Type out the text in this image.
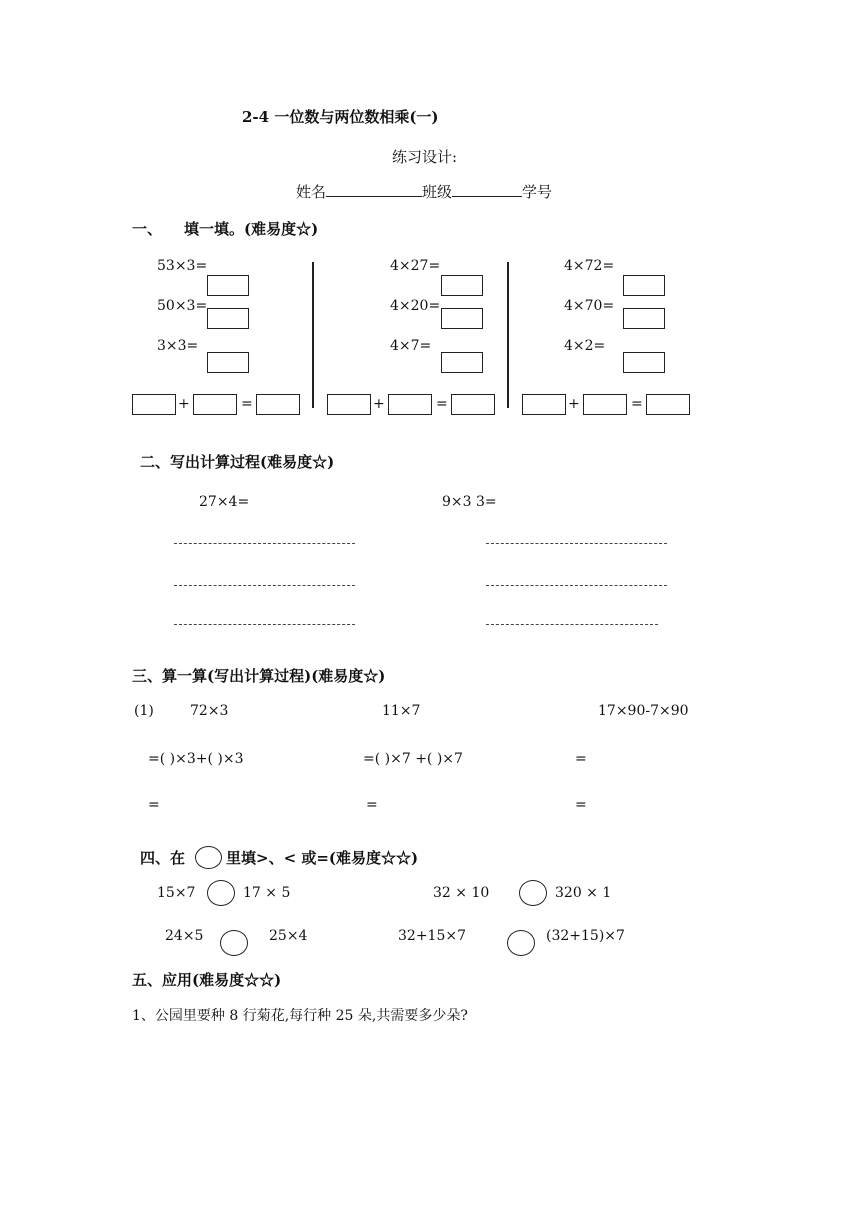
2-4 一位数与两位数相乘(一)
练习设计:
姓名	班级	学号
一、 填一填。(难易度☆)
53×3=
50×3=
3×3=
4×27=
4×20=
4×7=
4×72=
4×70=
4×2=
+	=	+	=	+	=
二、写出计算过程(难易度☆)
27×4=	9×3 3=
三、算一算(写出计算过程)(难易度☆)
(1)	72×3	11×7	17×90-7×90
=( )×3+( )×3	=( )×7 +( )×7	=
=	=	=
四、在	里填>、< 或=(难易度☆☆)
15×7	17 × 5	32 × 10	320 × 1
24×5	25×4	32+15×7	(32+15)×7
五、应用(难易度☆☆)
1、公园里要种 8 行菊花,每行种 25 朵,共需要多少朵?
